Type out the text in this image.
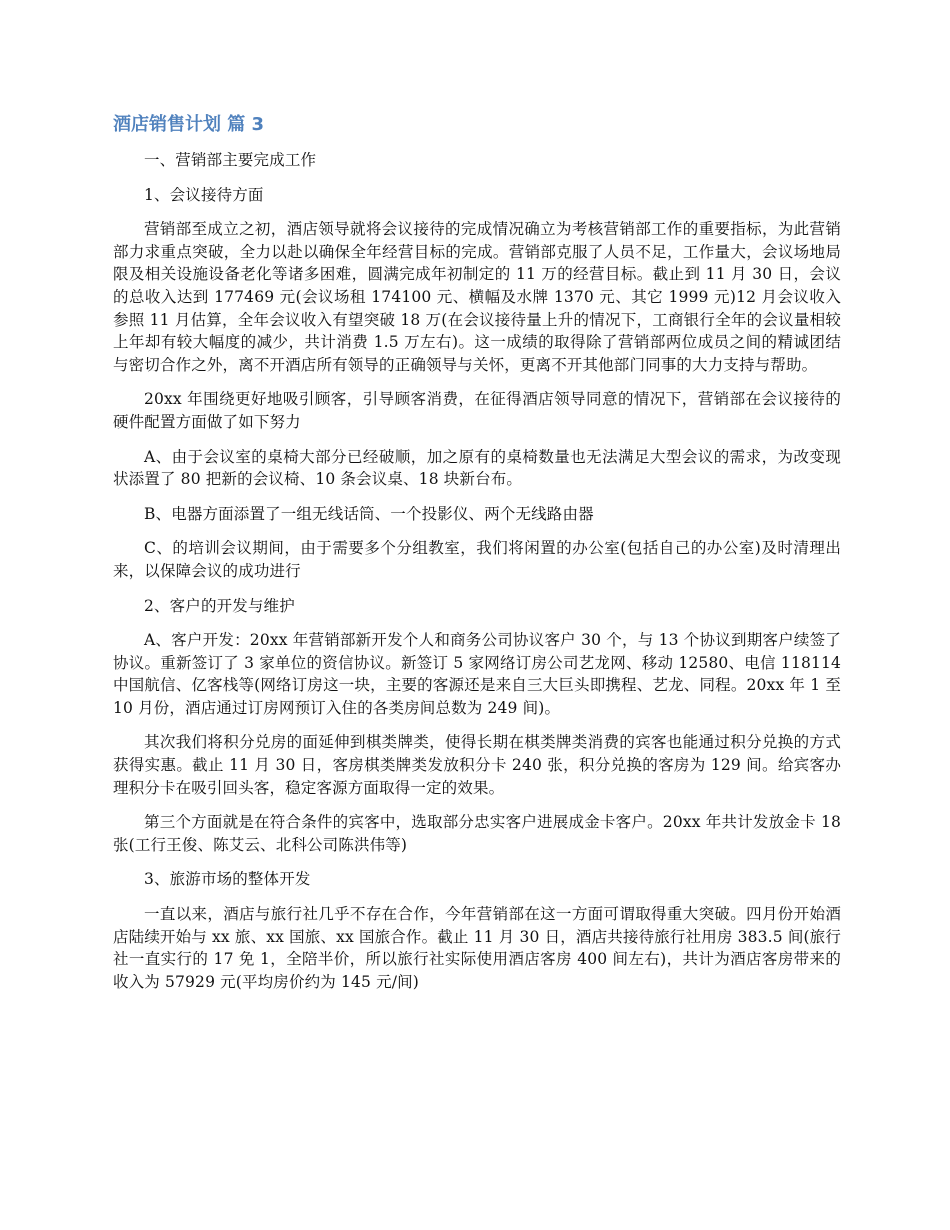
酒店销售计划 篇 3

一、营销部主要完成工作

1、会议接待方面

营销部至成立之初，酒店领导就将会议接待的完成情况确立为考核营销部工作的重要指标，为此营销部力求重点突破，全力以赴以确保全年经营目标的完成。营销部克服了人员不足，工作量大，会议场地局限及相关设施设备老化等诸多困难，圆满完成年初制定的 11 万的经营目标。截止到 11 月 30 日，会议的总收入达到 177469 元(会议场租 174100 元、横幅及水牌 1370 元、其它 1999 元)12 月会议收入参照 11 月估算，全年会议收入有望突破 18 万(在会议接待量上升的情况下，工商银行全年的会议量相较上年却有较大幅度的减少，共计消费 1.5 万左右)。这一成绩的取得除了营销部两位成员之间的精诚团结与密切合作之外，离不开酒店所有领导的正确领导与关怀，更离不开其他部门同事的大力支持与帮助。

20xx 年围绕更好地吸引顾客，引导顾客消费，在征得酒店领导同意的情况下，营销部在会议接待的硬件配置方面做了如下努力

A、由于会议室的桌椅大部分已经破顺，加之原有的桌椅数量也无法满足大型会议的需求，为改变现状添置了 80 把新的会议椅、10 条会议桌、18 块新台布。

B、电器方面添置了一组无线话筒、一个投影仪、两个无线路由器

C、的培训会议期间，由于需要多个分组教室，我们将闲置的办公室(包括自己的办公室)及时清理出来，以保障会议的成功进行

2、客户的开发与维护

A、客户开发：20xx 年营销部新开发个人和商务公司协议客户 30 个，与 13 个协议到期客户续签了协议。重新签订了 3 家单位的资信协议。新签订 5 家网络订房公司艺龙网、移动 12580、电信 118114 中国航信、亿客栈等(网络订房这一块，主要的客源还是来自三大巨头即携程、艺龙、同程。20xx 年 1 至 10 月份，酒店通过订房网预订入住的各类房间总数为 249 间)。

其次我们将积分兑房的面延伸到棋类牌类，使得长期在棋类牌类消费的宾客也能通过积分兑换的方式获得实惠。截止 11 月 30 日，客房棋类牌类发放积分卡 240 张，积分兑换的客房为 129 间。给宾客办理积分卡在吸引回头客，稳定客源方面取得一定的效果。

第三个方面就是在符合条件的宾客中，选取部分忠实客户进展成金卡客户。20xx 年共计发放金卡 18 张(工行王俊、陈艾云、北科公司陈洪伟等)

3、旅游市场的整体开发

一直以来，酒店与旅行社几乎不存在合作，今年营销部在这一方面可谓取得重大突破。四月份开始酒店陆续开始与 xx 旅、xx 国旅、xx 国旅合作。截止 11 月 30 日，酒店共接待旅行社用房 383.5 间(旅行社一直实行的 17 免 1，全陪半价，所以旅行社实际使用酒店客房 400 间左右)，共计为酒店客房带来的收入为 57929 元(平均房价约为 145 元/间)
